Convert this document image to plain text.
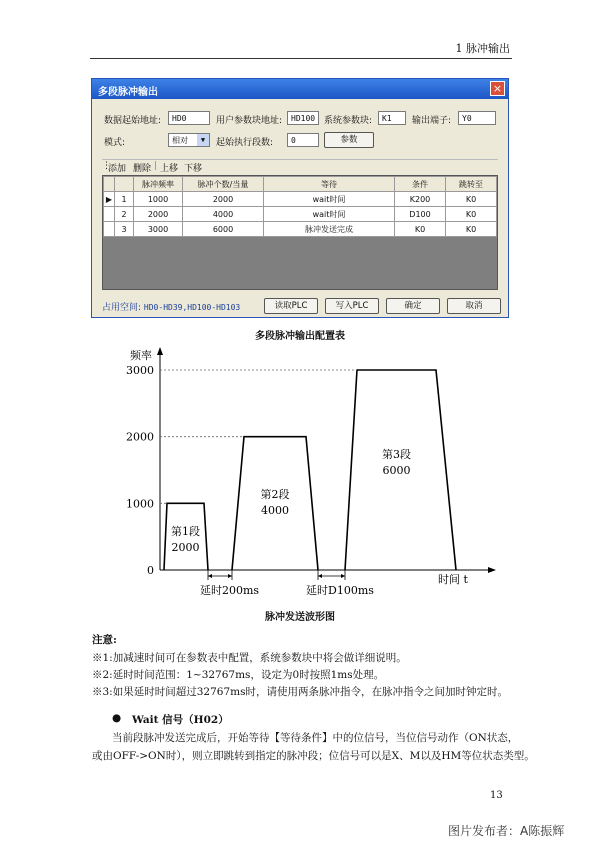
1 脉冲输出
多段脉冲输出	×
数据起始地址:	HD0	用户参数块地址:	HD100 系统参数块:	K1	输出端子:	Y0
模式:	相对	▼	起始执行段数:	0	参数
⋮
添加 删除 | 上移 下移
		脉冲频率	脉冲个数/当量	等待	条件	跳转至
▶	1	1000	2000	wait时间	K200	K0
	2	2000	4000	wait时间	D100	K0
	3	3000	6000	脉冲发送完成	K0	K0
占用空间: HD0-HD39,HD100-HD103	读取PLC	写入PLC	确定	取消
多段脉冲输出配置表
频率
时间 t
0
1000
2000
3000
第1段
2000
第2段
4000
第3段
6000
延时200ms	延时D100ms
脉冲发送波形图
注意:
※1:加减速时间可在参数表中配置，系统参数块中将会做详细说明。
※2:延时时间范围：1~32767ms，设定为0时按照1ms处理。
※3:如果延时时间超过32767ms时，请使用两条脉冲指令，在脉冲指令之间加时钟定时。
● Wait 信号（H02）
当前段脉冲发送完成后，开始等待【等待条件】中的位信号，当位信号动作（ON状态，
或由OFF->ON时），则立即跳转到指定的脉冲段；位信号可以是X、M以及HM等位状态类型。
13
图片发布者：A陈振辉
